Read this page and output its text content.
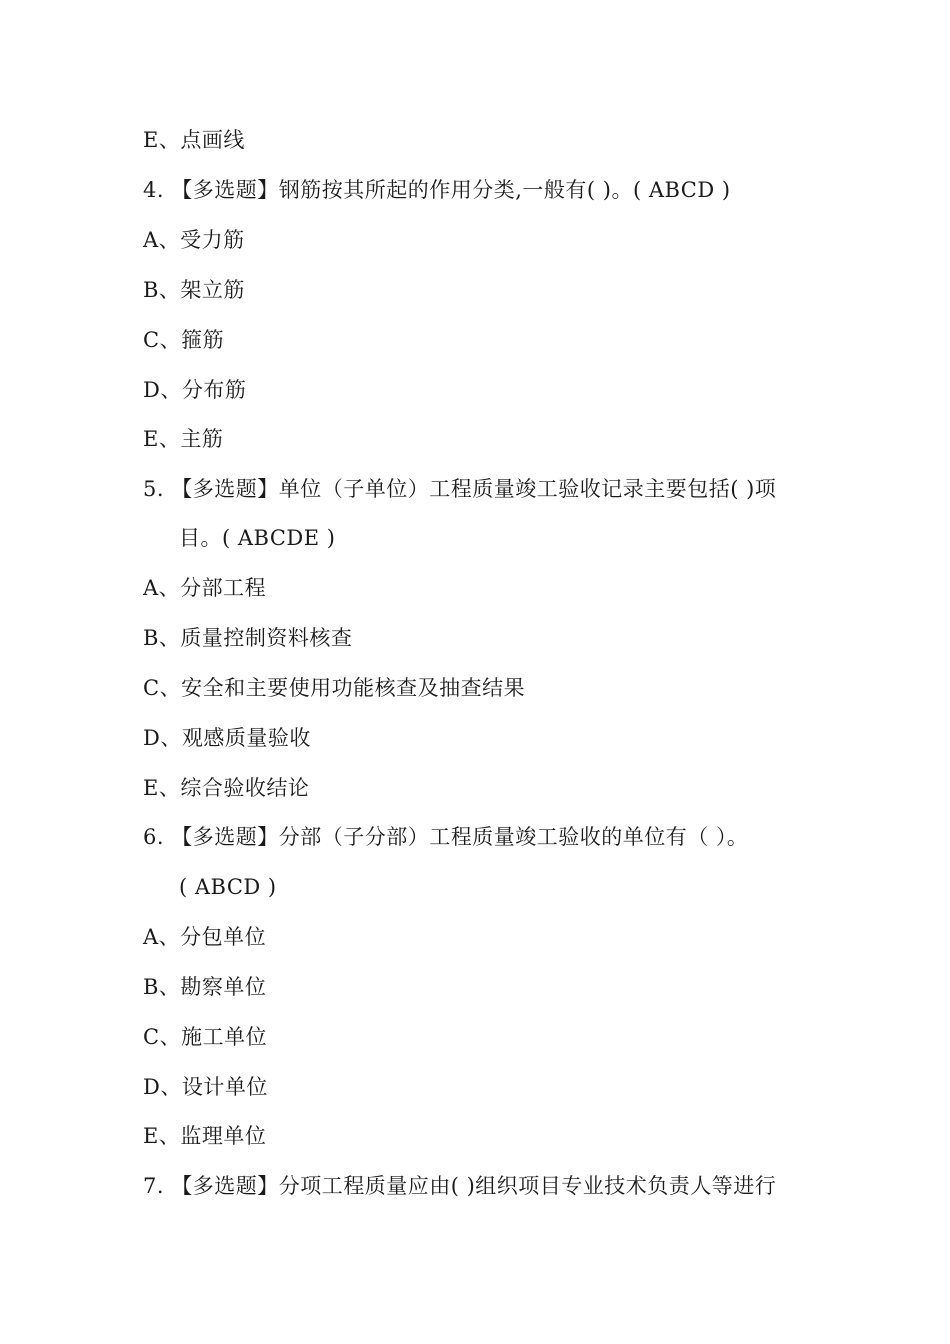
E、点画线
4. 【多选题】钢筋按其所起的作用分类,一般有( )。( ABCD )
A、受力筋
B、架立筋
C、箍筋
D、分布筋
E、主筋
5. 【多选题】单位（子单位）工程质量竣工验收记录主要包括( )项
目。( ABCDE )
A、分部工程
B、质量控制资料核查
C、安全和主要使用功能核查及抽查结果
D、观感质量验收
E、综合验收结论
6. 【多选题】分部（子分部）工程质量竣工验收的单位有（ ）。
( ABCD )
A、分包单位
B、勘察单位
C、施工单位
D、设计单位
E、监理单位
7. 【多选题】分项工程质量应由( )组织项目专业技术负责人等进行
